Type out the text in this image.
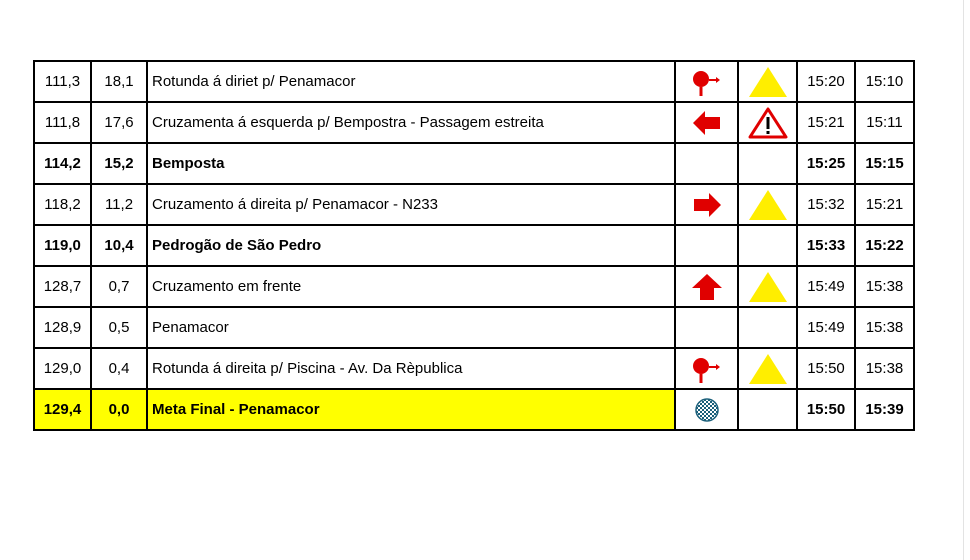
111,3	18,1	Rotunda á diriet p/ Penamacor			15:20	15:10
111,8	17,6	Cruzamenta á esquerda p/ Bempostra - Passagem estreita			15:21	15:11
114,2	15,2	Bemposta			15:25	15:15
118,2	11,2	Cruzamento á direita p/ Penamacor - N233			15:32	15:21
119,0	10,4	Pedrogão de São Pedro			15:33	15:22
128,7	0,7	Cruzamento em frente			15:49	15:38
128,9	0,5	Penamacor			15:49	15:38
129,0	0,4	Rotunda á direita p/ Piscina - Av. Da Rèpublica			15:50	15:38
129,4	0,0	Meta Final - Penamacor			15:50	15:39
